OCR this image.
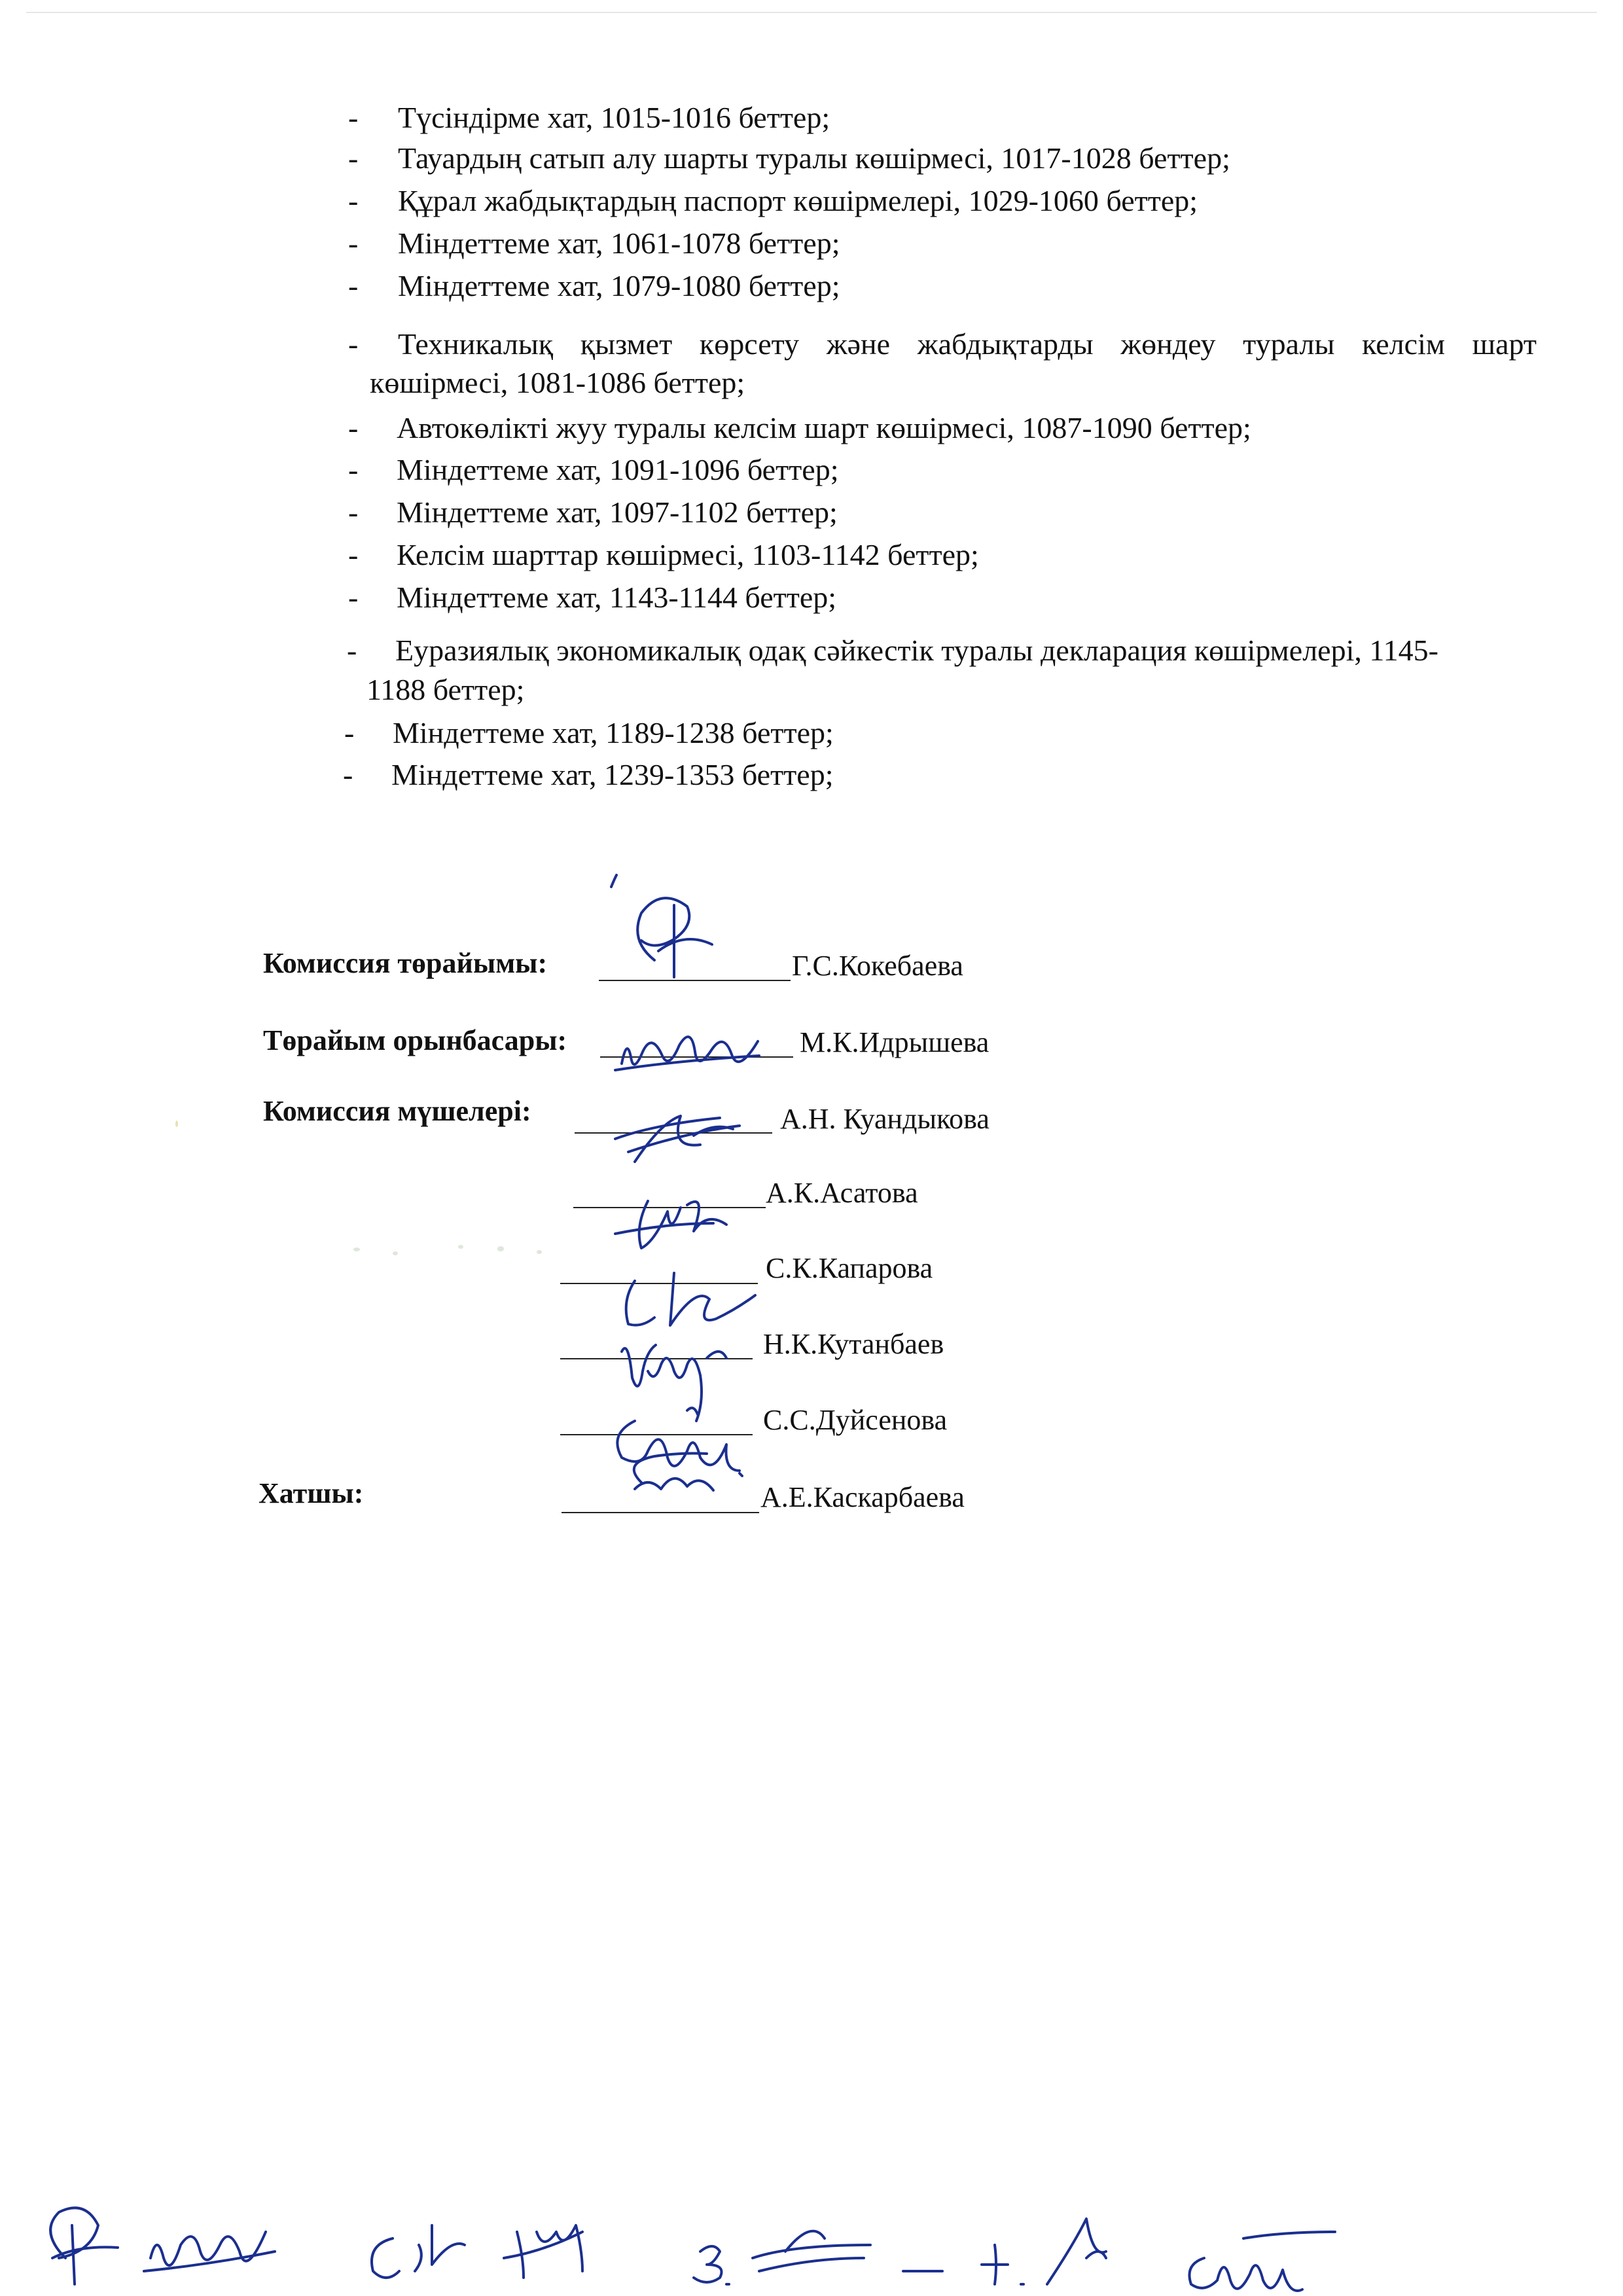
- Түсіндірме хат, 1015-1016 беттер;
- Тауардың сатып алу шарты туралы көшірмесі, 1017-1028 беттер;
- Құрал жабдықтардың паспорт көшірмелері, 1029-1060 беттер;
- Міндеттеме хат, 1061-1078 беттер;
- Міндеттеме хат, 1079-1080 беттер;
- Техникалық қызмет көрсету және жабдықтарды жөндеу туралы келсім шарт
көшірмесі, 1081-1086 беттер;
- Автокөлікті жуу туралы келсім шарт көшірмесі, 1087-1090 беттер;
- Міндеттеме хат, 1091-1096 беттер;
- Міндеттеме хат, 1097-1102 беттер;
- Келсім шарттар көшірмесі, 1103-1142 беттер;
- Міндеттеме хат, 1143-1144 беттер;
- Еуразиялық экономикалық одақ сәйкестік туралы декларация көшірмелері, 1145-
1188 беттер;
- Міндеттеме хат, 1189-1238 беттер;
- Міндеттеме хат, 1239-1353 беттер;
Комиссия төрайымы:	Г.С.Кокебаева
Төрайым орынбасары:	М.К.Идрышева
Комиссия мүшелері:	А.Н. Куандыкова
А.К.Асатова
С.К.Капарова
Н.К.Кутанбаев
С.С.Дуйсенова
Хатшы:	А.Е.Каскарбаева
